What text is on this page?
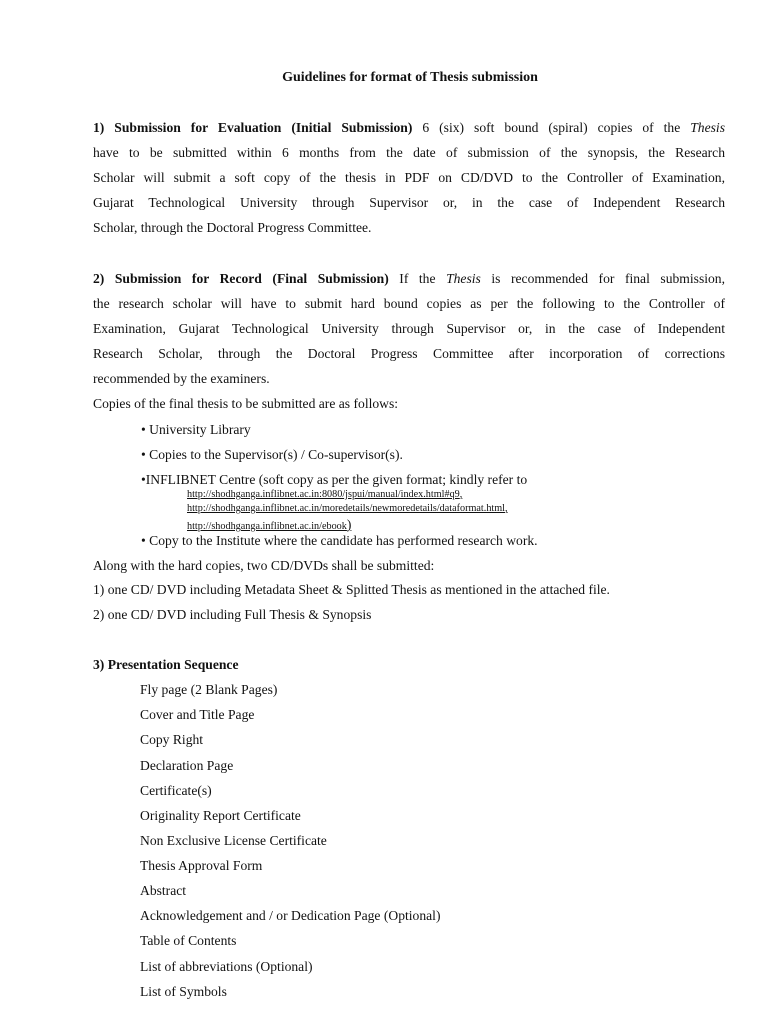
Guidelines for format of Thesis submission
1) Submission for Evaluation (Initial Submission) 6 (six) soft bound (spiral) copies of the Thesis
have to be submitted within 6 months from the date of submission of the synopsis, the Research
Scholar will submit a soft copy of the thesis in PDF on CD/DVD to the Controller of Examination,
Gujarat Technological University through Supervisor or, in the case of Independent Research
Scholar, through the Doctoral Progress Committee.
2) Submission for Record (Final Submission) If the Thesis is recommended for final submission,
the research scholar will have to submit hard bound copies as per the following to the Controller of
Examination, Gujarat Technological University through Supervisor or, in the case of Independent
Research Scholar, through the Doctoral Progress Committee after incorporation of corrections
recommended by the examiners.
Copies of the final thesis to be submitted are as follows:
• University Library
• Copies to the Supervisor(s) / Co-supervisor(s).
•INFLIBNET Centre (soft copy as per the given format; kindly refer to
http://shodhganga.inflibnet.ac.in:8080/jspui/manual/index.html#q9,
http://shodhganga.inflibnet.ac.in/moredetails/newmoredetails/dataformat.html,
http://shodhganga.inflibnet.ac.in/ebook)
• Copy to the Institute where the candidate has performed research work.
Along with the hard copies, two CD/DVDs shall be submitted:
1) one CD/ DVD including Metadata Sheet & Splitted Thesis as mentioned in the attached file.
2) one CD/ DVD including Full Thesis & Synopsis
3) Presentation Sequence
Fly page (2 Blank Pages)
Cover and Title Page
Copy Right
Declaration Page
Certificate(s)
Originality Report Certificate
Non Exclusive License Certificate
Thesis Approval Form
Abstract
Acknowledgement and / or Dedication Page (Optional)
Table of Contents
List of abbreviations (Optional)
List of Symbols
